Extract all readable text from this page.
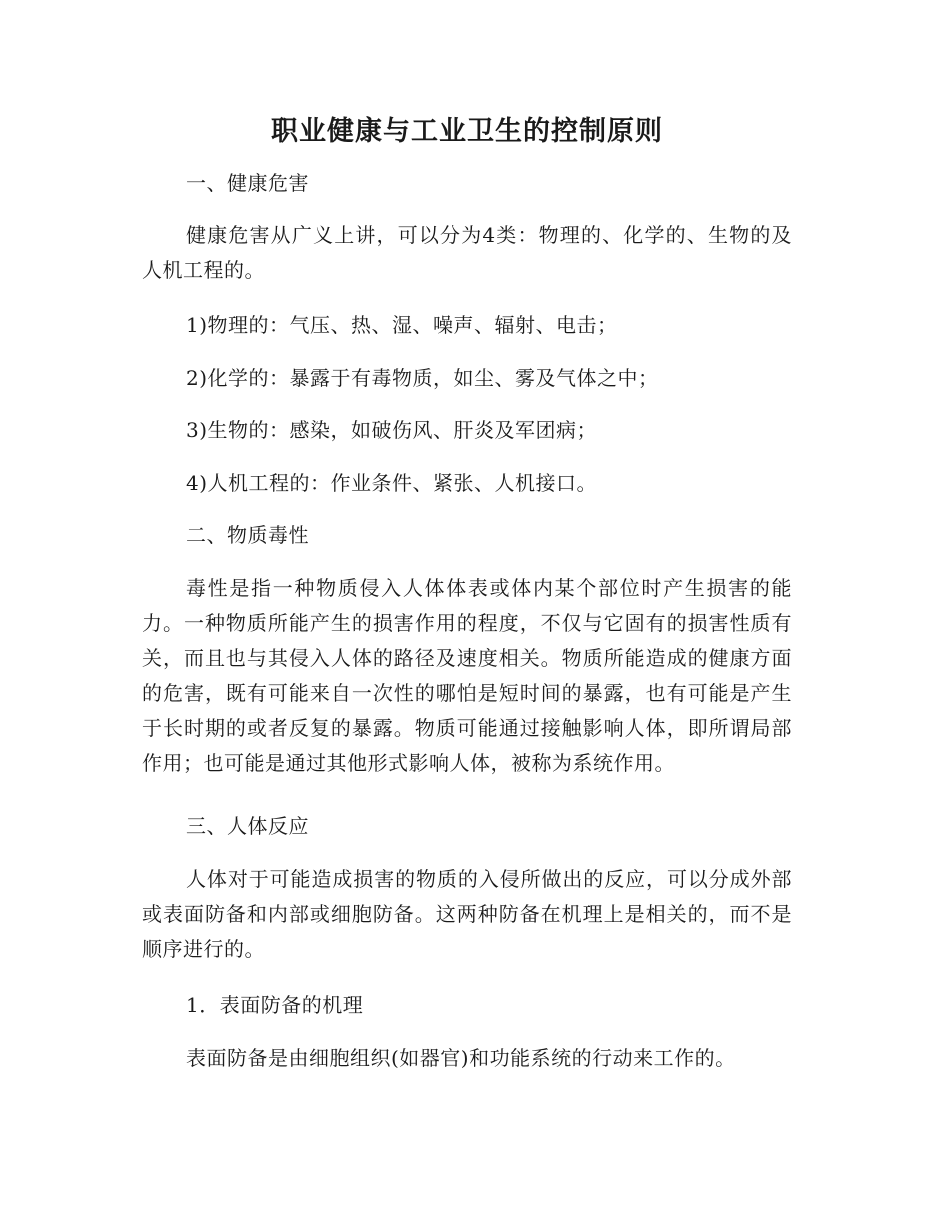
职业健康与工业卫生的控制原则

一、健康危害

健康危害从广义上讲，可以分为4类：物理的、化学的、生物的及人机工程的。

1)物理的：气压、热、湿、噪声、辐射、电击；

2)化学的：暴露于有毒物质，如尘、雾及气体之中；

3)生物的：感染，如破伤风、肝炎及军团病；

4)人机工程的：作业条件、紧张、人机接口。

二、物质毒性

毒性是指一种物质侵入人体体表或体内某个部位时产生损害的能力。一种物质所能产生的损害作用的程度，不仅与它固有的损害性质有关，而且也与其侵入人体的路径及速度相关。物质所能造成的健康方面的危害，既有可能来自一次性的哪怕是短时间的暴露，也有可能是产生于长时期的或者反复的暴露。物质可能通过接触影响人体，即所谓局部作用；也可能是通过其他形式影响人体，被称为系统作用。

三、人体反应

人体对于可能造成损害的物质的入侵所做出的反应，可以分成外部或表面防备和内部或细胞防备。这两种防备在机理上是相关的，而不是顺序进行的。

1．表面防备的机理

表面防备是由细胞组织(如器官)和功能系统的行动来工作的。
